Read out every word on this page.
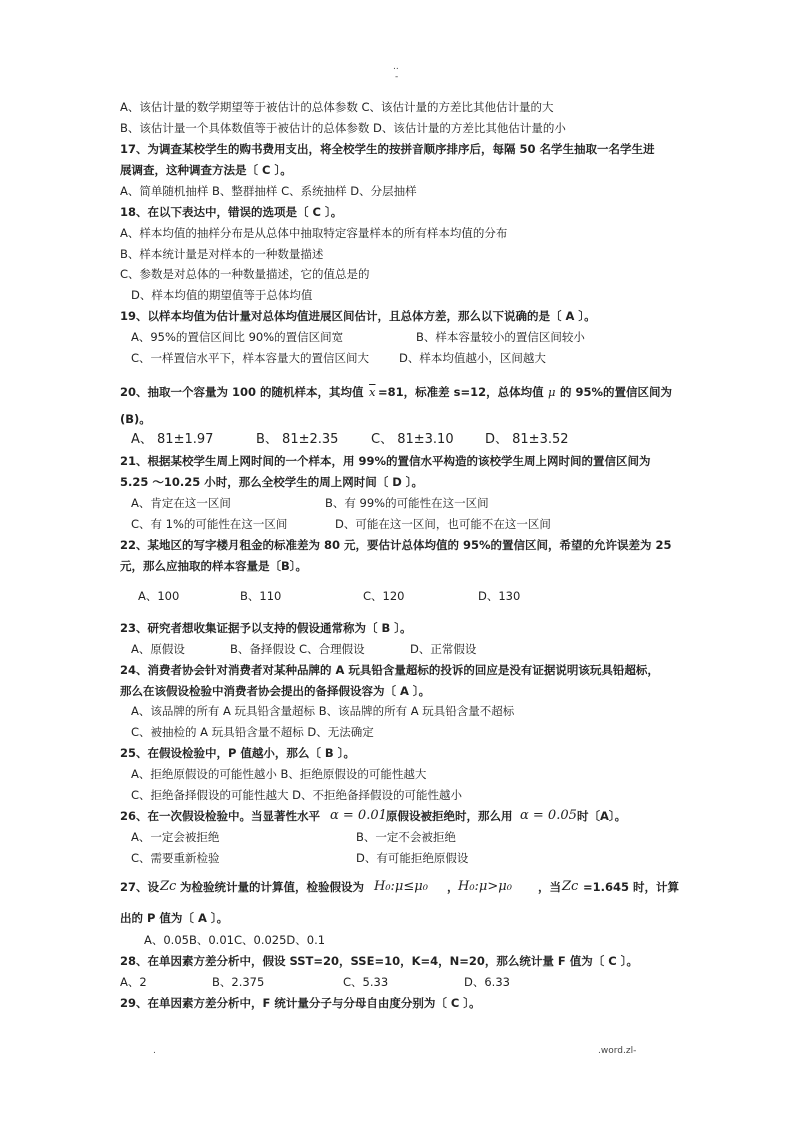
..
-
A、该估计量的数学期望等于被估计的总体参数 C、该估计量的方差比其他估计量的大
B、该估计量一个具体数值等于被估计的总体参数 D、该估计量的方差比其他估计量的小
17、为调查某校学生的购书费用支出，将全校学生的按拼音顺序排序后，每隔 50 名学生抽取一名学生进
展调查，这种调查方法是〔 C 〕。
A、简单随机抽样 B、整群抽样 C、系统抽样 D、分层抽样
18、在以下表达中，错误的选项是〔 C 〕。
A、样本均值的抽样分布是从总体中抽取特定容量样本的所有样本均值的分布
B、样本统计量是对样本的一种数量描述
C、参数是对总体的一种数量描述，它的值总是的
D、样本均值的期望值等于总体均值
19、以样本均值为估计量对总体均值进展区间估计，且总体方差，那么以下说确的是〔 A 〕。
A、95%的置信区间比 90%的置信区间宽	B、样本容量较小的置信区间较小
C、一样置信水平下，样本容量大的置信区间大	D、样本均值越小，区间越大
20、抽取一个容量为 100 的随机样本，其均值 $\overline{x} =81$，标准差 s=12，总体均值 μ 的 95%的置信区间为
(B)。
A、 81±1.97	B、 81±2.35	C、 81±3.10 D、 81±3.52
21、根据某校学生周上网时间的一个样本，用 99%的置信水平构造的该校学生周上网时间的置信区间为
5.25 ～10.25 小时，那么全校学生的周上网时间〔 D 〕。
A、肯定在这一区间	B、有 99%的可能性在这一区间
C、有 1%的可能性在这一区间	D、可能在这一区间，也可能不在这一区间
22、某地区的写字楼月租金的标准差为 80 元，要估计总体均值的 95%的置信区间，希望的允许误差为 25
元，那么应抽取的样本容量是〔B〕。
A、100	B、110	C、120	D、130
23、研究者想收集证据予以支持的假设通常称为〔 B 〕。
A、原假设	B、备择假设 C、合理假设	D、正常假设
24、消费者协会针对消费者对某种品牌的 A 玩具铅含量超标的投诉的回应是没有证据说明该玩具铅超标，
那么在该假设检验中消费者协会提出的备择假设容为〔 A 〕。
A、该品牌的所有 A 玩具铅含量超标 B、该品牌的所有 A 玩具铅含量不超标
C、被抽检的 A 玩具铅含量不超标 D、无法确定
25、在假设检验中，P 值越小，那么〔 B 〕。
A、拒绝原假设的可能性越小 B、拒绝原假设的可能性越大
C、拒绝备择假设的可能性越大 D、不拒绝备择假设的可能性越小
26、在一次假设检验中。当显著性水平 α = 0.01 原假设被拒绝时，那么用 α = 0.05 时〔A〕。
A、一定会被拒绝	B、一定不会被拒绝
C、需要重新检验	D、有可能拒绝原假设
27、设 Zc 为检验统计量的计算值，检验假设为 H₀:μ≤μ₀ ， H₀:μ>μ₀ ，当 Zc =1.645 时，计算
出的 P 值为〔 A 〕。
A、0.05B、0.01C、0.025D、0.1
28、在单因素方差分析中，假设 SST=20，SSE=10，K=4，N=20，那么统计量 F 值为〔 C 〕。
A、2	B、2.375	C、5.33	D、6.33
29、在单因素方差分析中，F 统计量分子与分母自由度分别为〔 C 〕。
.	.word.zl-
